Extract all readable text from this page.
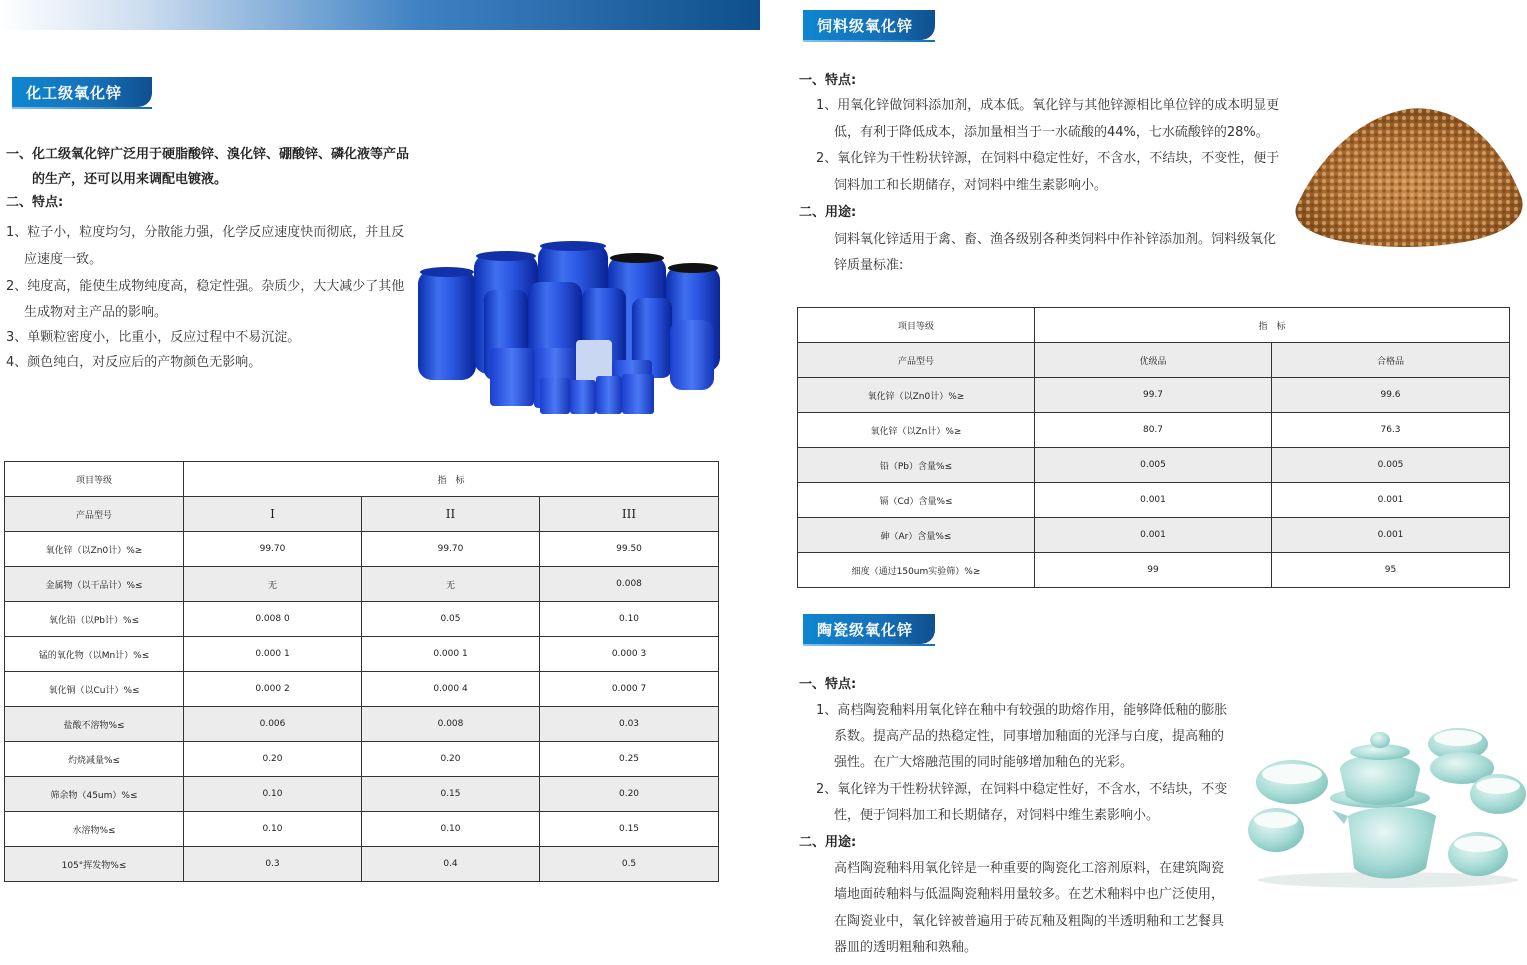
化工级氧化锌
一、化工级氧化锌广泛用于硬脂酸锌、溴化锌、硼酸锌、磷化液等产品
的生产，还可以用来调配电镀液。
二、特点:
1、粒子小，粒度均匀，分散能力强，化学反应速度快而彻底，并且反
应速度一致。
2、纯度高，能使生成物纯度高，稳定性强。杂质少，大大减少了其他
生成物对主产品的影响。
3、单颗粒密度小，比重小，反应过程中不易沉淀。
4、颜色纯白，对反应后的产物颜色无影响。
项目等级	指　标		
产品型号	I	II	III
氧化锌（以Zn0计）%≥	99.70	99.70	99.50
金属物（以干品计）%≤	无	无	0.008
氧化铅（以Pb计）%≤	0.008 0	0.05	0.10
锰的氧化物（以Mn计）%≤	0.000 1	0.000 1	0.000 3
氧化铜（以Cu计）%≤	0.000 2	0.000 4	0.000 7
盐酸不溶物%≤	0.006	0.008	0.03
灼烧减量%≤	0.20	0.20	0.25
筛余物（45um）%≤	0.10	0.15	0.20
水溶物%≤	0.10	0.10	0.15
105°挥发物%≤	0.3	0.4	0.5
饲料级氧化锌
一、特点:
1、用氧化锌做饲料添加剂，成本低。氧化锌与其他锌源相比单位锌的成本明显更
低，有利于降低成本，添加量相当于一水硫酸的44%，七水硫酸锌的28%。
2、氧化锌为干性粉状锌源，在饲料中稳定性好，不含水，不结块，不变性，便于
饲料加工和长期储存，对饲料中维生素影响小。
二、用途:
饲料氧化锌适用于禽、畜、渔各级别各种类饲料中作补锌添加剂。饲料级氧化
锌质量标准:
项目等级	指　标	
产品型号	优级品	合格品
氧化锌（以Zn0计）%≥	99.7	99.6
氧化锌（以Zn计）%≥	80.7	76.3
铅（Pb）含量%≤	0.005	0.005
镉（Cd）含量%≤	0.001	0.001
砷（Ar）含量%≤	0.001	0.001
细度（通过150um实验筛）%≥	99	95
陶瓷级氧化锌
一、特点:
1、高档陶瓷釉料用氧化锌在釉中有较强的助熔作用，能够降低釉的膨胀
系数。提高产品的热稳定性，同事增加釉面的光泽与白度，提高釉的
强性。在广大熔融范围的同时能够增加釉色的光彩。
2、氧化锌为干性粉状锌源，在饲料中稳定性好，不含水，不结块，不变
性，便于饲料加工和长期储存，对饲料中维生素影响小。
二、用途:
高档陶瓷釉料用氧化锌是一种重要的陶瓷化工溶剂原料，在建筑陶瓷
墙地面砖釉料与低温陶瓷釉料用量较多。在艺术釉料中也广泛使用，
在陶瓷业中，氧化锌被普遍用于砖瓦釉及粗陶的半透明釉和工艺餐具
器皿的透明粗釉和熟釉。
